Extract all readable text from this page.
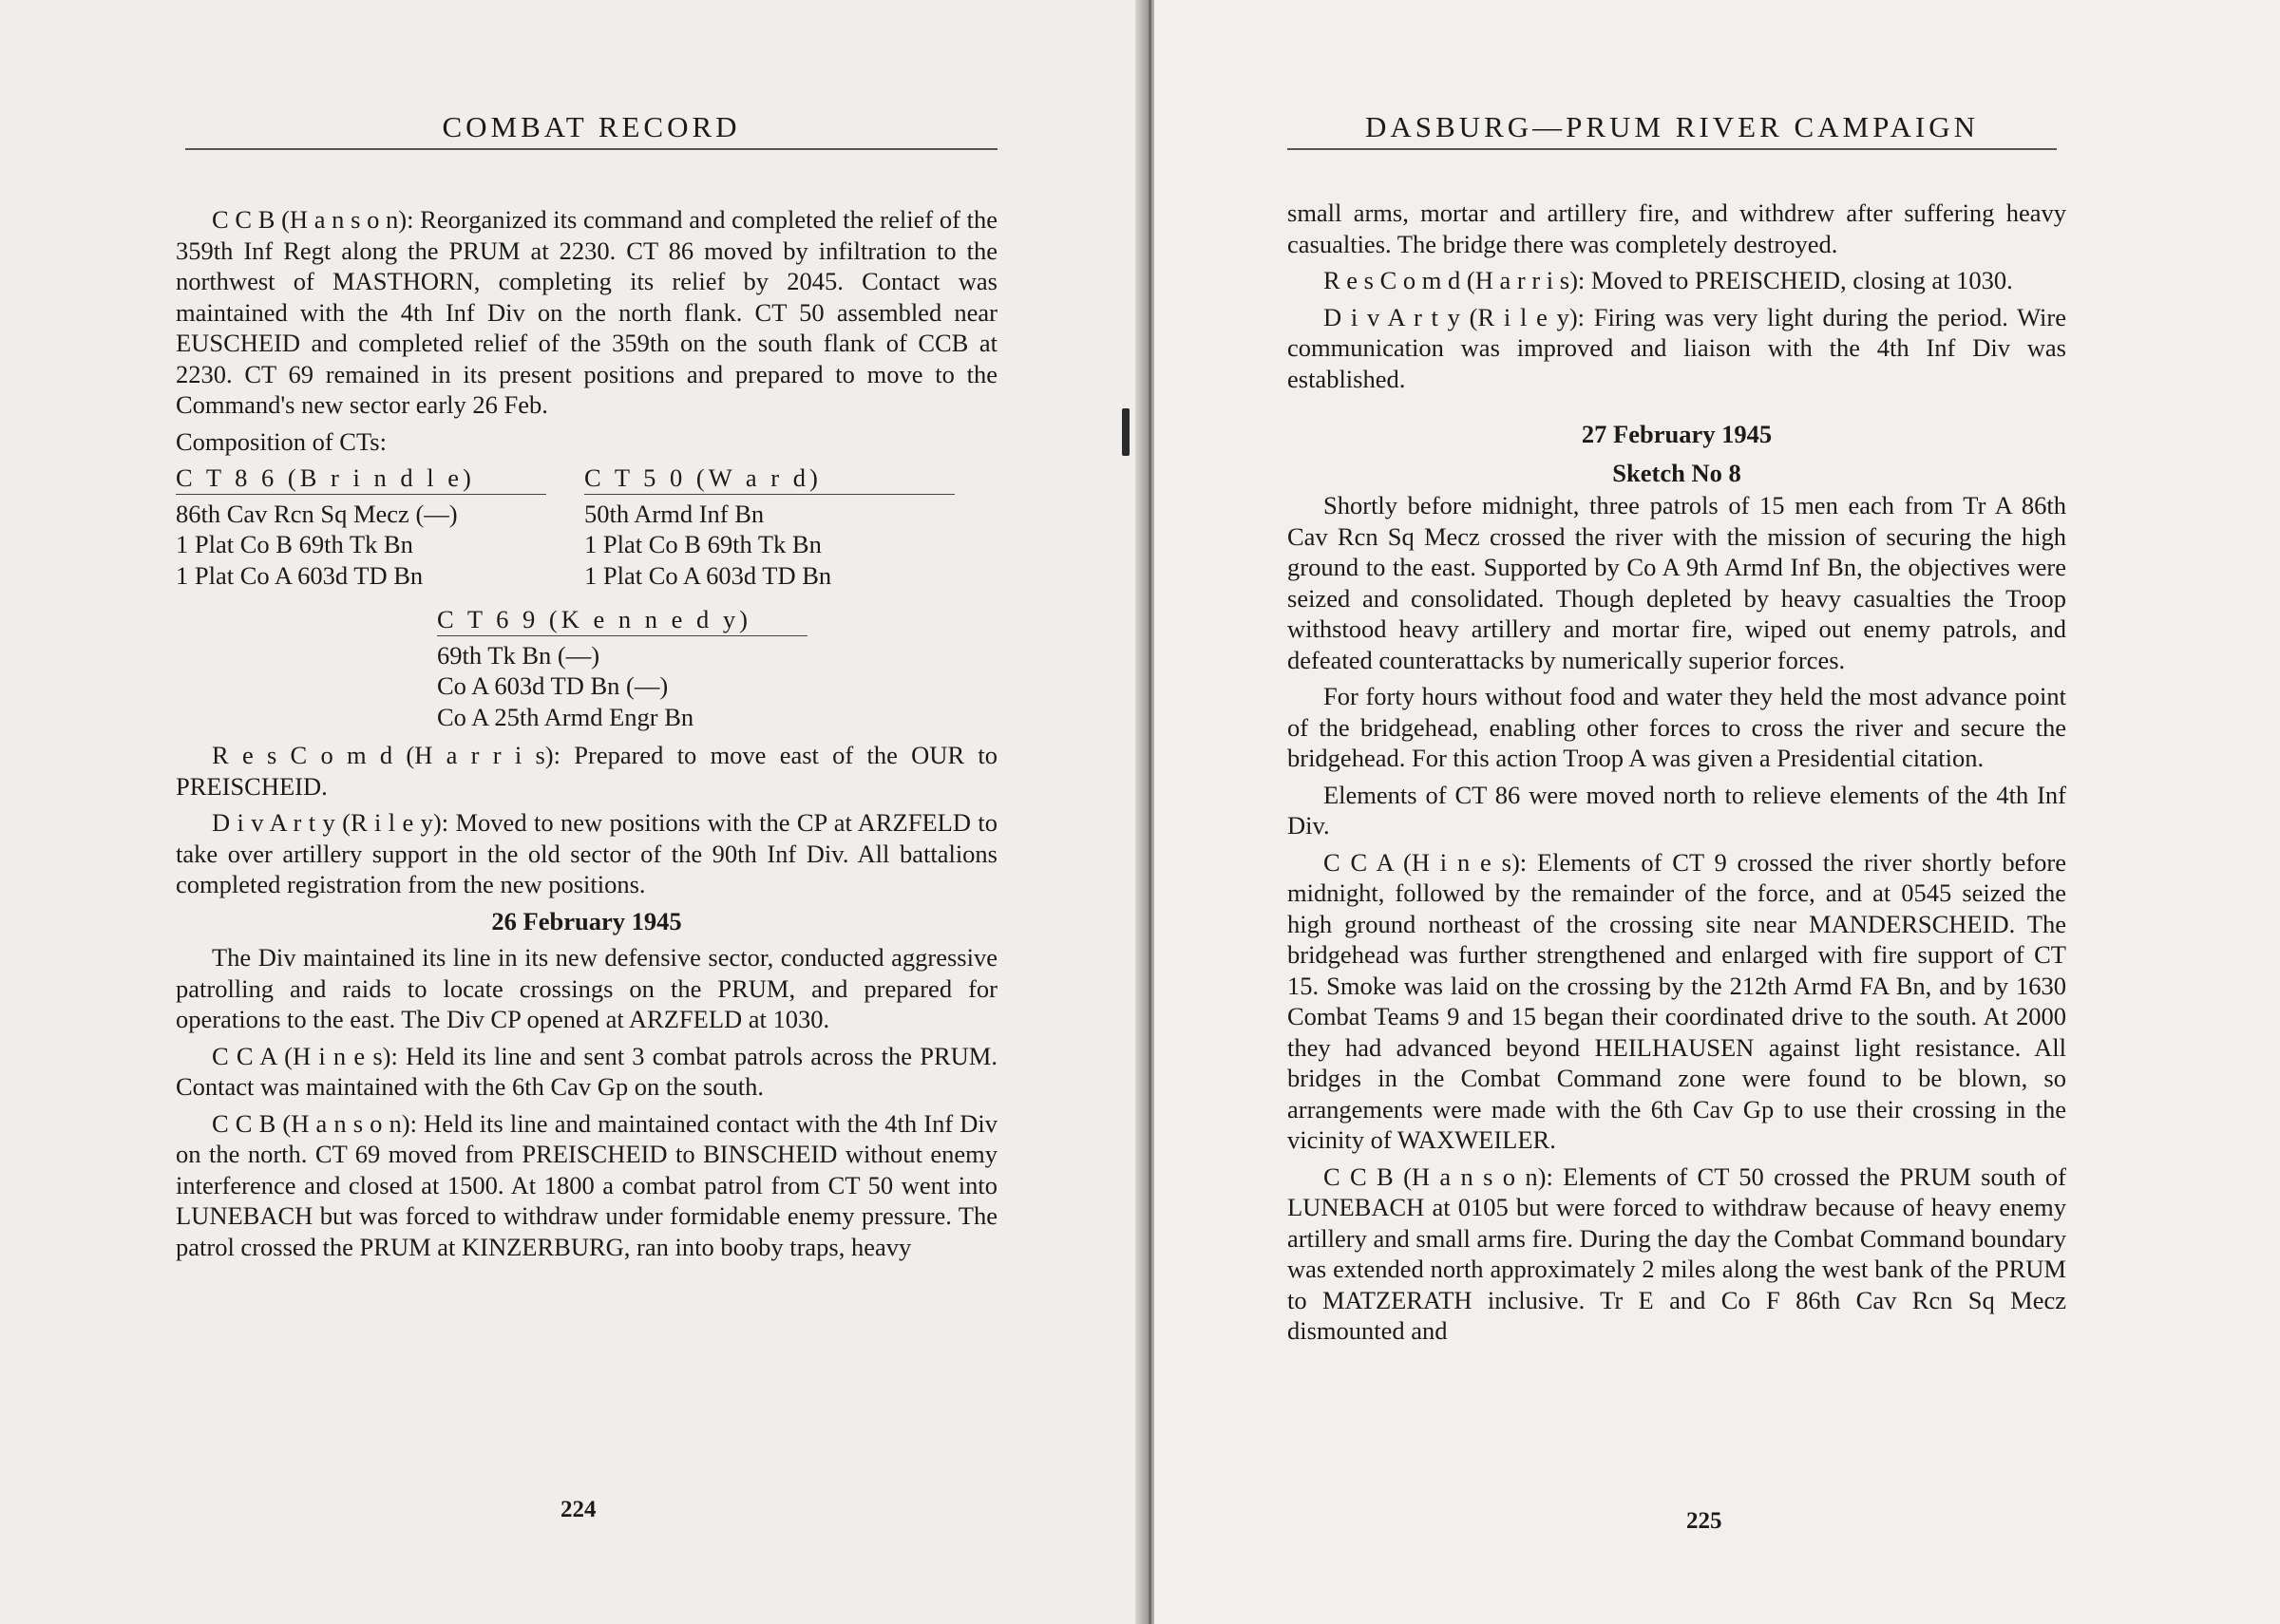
COMBAT RECORD

C C B (H a n s o n): Reorganized its command and completed the relief of the 359th Inf Regt along the PRUM at 2230. CT 86 moved by infiltration to the northwest of MASTHORN, completing its relief by 2045. Contact was maintained with the 4th Inf Div on the north flank. CT 50 assembled near EUSCHEID and completed relief of the 359th on the south flank of CCB at 2230. CT 69 remained in its present positions and prepared to move to the Command's new sector early 26 Feb.

Composition of CTs:

C T 8 6 (B r i n d l e)
86th Cav Rcn Sq Mecz (—)
1 Plat Co B 69th Tk Bn
1 Plat Co A 603d TD Bn
C T 5 0 (W a r d)
50th Armd Inf Bn
1 Plat Co B 69th Tk Bn
1 Plat Co A 603d TD Bn
C T 6 9 (K e n n e d y)
69th Tk Bn (—)
Co A 603d TD Bn (—)
Co A 25th Armd Engr Bn

R e s C o m d (H a r r i s): Prepared to move east of the OUR to PREISCHEID.

D i v A r t y (R i l e y): Moved to new positions with the CP at ARZFELD to take over artillery support in the old sector of the 90th Inf Div. All battalions completed registration from the new positions.

26 February 1945

The Div maintained its line in its new defensive sector, conducted aggressive patrolling and raids to locate crossings on the PRUM, and prepared for operations to the east. The Div CP opened at ARZFELD at 1030.

C C A (H i n e s): Held its line and sent 3 combat patrols across the PRUM. Contact was maintained with the 6th Cav Gp on the south.

C C B (H a n s o n): Held its line and maintained contact with the 4th Inf Div on the north. CT 69 moved from PREISCHEID to BINSCHEID without enemy interference and closed at 1500. At 1800 a combat patrol from CT 50 went into LUNEBACH but was forced to withdraw under formidable enemy pressure. The patrol crossed the PRUM at KINZERBURG, ran into booby traps, heavy

224
DASBURG—PRUM RIVER CAMPAIGN

small arms, mortar and artillery fire, and withdrew after suffering heavy casualties. The bridge there was completely destroyed.

R e s C o m d (H a r r i s): Moved to PREISCHEID, closing at 1030.

D i v A r t y (R i l e y): Firing was very light during the period. Wire communication was improved and liaison with the 4th Inf Div was established.

27 February 1945

Sketch No 8

Shortly before midnight, three patrols of 15 men each from Tr A 86th Cav Rcn Sq Mecz crossed the river with the mission of securing the high ground to the east. Supported by Co A 9th Armd Inf Bn, the objectives were seized and consolidated. Though depleted by heavy casualties the Troop withstood heavy artillery and mortar fire, wiped out enemy patrols, and defeated counterattacks by numerically superior forces.

For forty hours without food and water they held the most advance point of the bridgehead, enabling other forces to cross the river and secure the bridgehead. For this action Troop A was given a Presidential citation.

Elements of CT 86 were moved north to relieve elements of the 4th Inf Div.

C C A (H i n e s): Elements of CT 9 crossed the river shortly before midnight, followed by the remainder of the force, and at 0545 seized the high ground northeast of the crossing site near MANDERSCHEID. The bridgehead was further strengthened and enlarged with fire support of CT 15. Smoke was laid on the crossing by the 212th Armd FA Bn, and by 1630 Combat Teams 9 and 15 began their coordinated drive to the south. At 2000 they had advanced beyond HEILHAUSEN against light resistance. All bridges in the Combat Command zone were found to be blown, so arrangements were made with the 6th Cav Gp to use their crossing in the vicinity of WAXWEILER.

C C B (H a n s o n): Elements of CT 50 crossed the PRUM south of LUNEBACH at 0105 but were forced to withdraw because of heavy enemy artillery and small arms fire. During the day the Combat Command boundary was extended north approximately 2 miles along the west bank of the PRUM to MATZERATH inclusive. Tr E and Co F 86th Cav Rcn Sq Mecz dismounted and

225
